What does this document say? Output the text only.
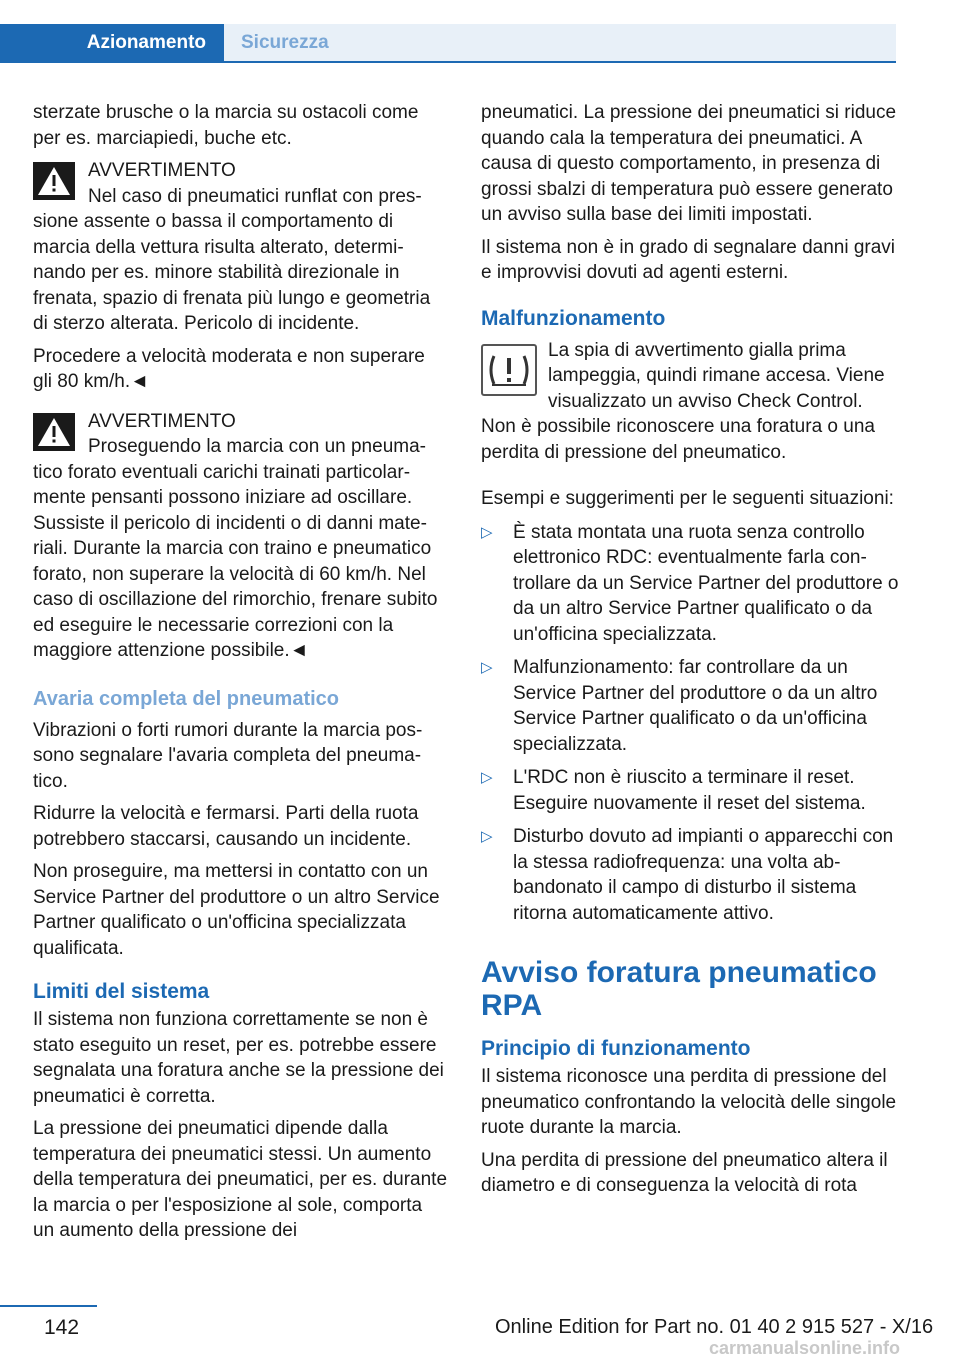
Azionamento	Sicurezza

sterzate brusche o la marcia su ostacoli come per es. marciapiedi, buche etc.

AVVERTIMENTO
Nel caso di pneumatici runflat con pressione assente o bassa il comportamento di marcia della vettura risulta alterato, determinando per es. minore stabilità direzionale in frenata, spazio di frenata più lungo e geometria di sterzo alterata. Pericolo di incidente.

Procedere a velocità moderata e non superare gli 80 km/h.◄

AVVERTIMENTO
Proseguendo la marcia con un pneumatico forato eventuali carichi trainati particolarmente pensanti possono iniziare ad oscillare. Sussiste il pericolo di incidenti o di danni materiali. Durante la marcia con traino e pneumatico forato, non superare la velocità di 60 km/h. Nel caso di oscillazione del rimorchio, frenare subito ed eseguire le necessarie correzioni con la maggiore attenzione possibile.◄

Avaria completa del pneumatico

Vibrazioni o forti rumori durante la marcia possono segnalare l'avaria completa del pneumatico.

Ridurre la velocità e fermarsi. Parti della ruota potrebbero staccarsi, causando un incidente.

Non proseguire, ma mettersi in contatto con un Service Partner del produttore o un altro Service Partner qualificato o un'officina specializzata qualificata.

Limiti del sistema

Il sistema non funziona correttamente se non è stato eseguito un reset, per es. potrebbe essere segnalata una foratura anche se la pressione dei pneumatici è corretta.

La pressione dei pneumatici dipende dalla temperatura dei pneumatici stessi. Un aumento della temperatura dei pneumatici, per es. durante la marcia o per l'esposizione al sole, comporta un aumento della pressione dei

pneumatici. La pressione dei pneumatici si riduce quando cala la temperatura dei pneumatici. A causa di questo comportamento, in presenza di grossi sbalzi di temperatura può essere generato un avviso sulla base dei limiti impostati.

Il sistema non è in grado di segnalare danni gravi e improvvisi dovuti ad agenti esterni.

Malfunzionamento

La spia di avvertimento gialla prima lampeggia, quindi rimane accesa. Viene visualizzato un avviso Check Control. Non è possibile riconoscere una foratura o una perdita di pressione del pneumatico.

Esempi e suggerimenti per le seguenti situazioni:

▷ È stata montata una ruota senza controllo elettronico RDC: eventualmente farla controllare da un Service Partner del produttore o da un altro Service Partner qualificato o da un'officina specializzata.
▷ Malfunzionamento: far controllare da un Service Partner del produttore o da un altro Service Partner qualificato o da un'officina specializzata.
▷ L'RDC non è riuscito a terminare il reset. Eseguire nuovamente il reset del sistema.
▷ Disturbo dovuto ad impianti o apparecchi con la stessa radiofrequenza: una volta abbandonato il campo di disturbo il sistema ritorna automaticamente attivo.
Avviso foratura pneumatico RPA
Principio di funzionamento

Il sistema riconosce una perdita di pressione del pneumatico confrontando la velocità delle singole ruote durante la marcia.

Una perdita di pressione del pneumatico altera il diametro e di conseguenza la velocità di rota

142	Online Edition for Part no. 01 40 2 915 527 - X/16
carmanualsonline.info
